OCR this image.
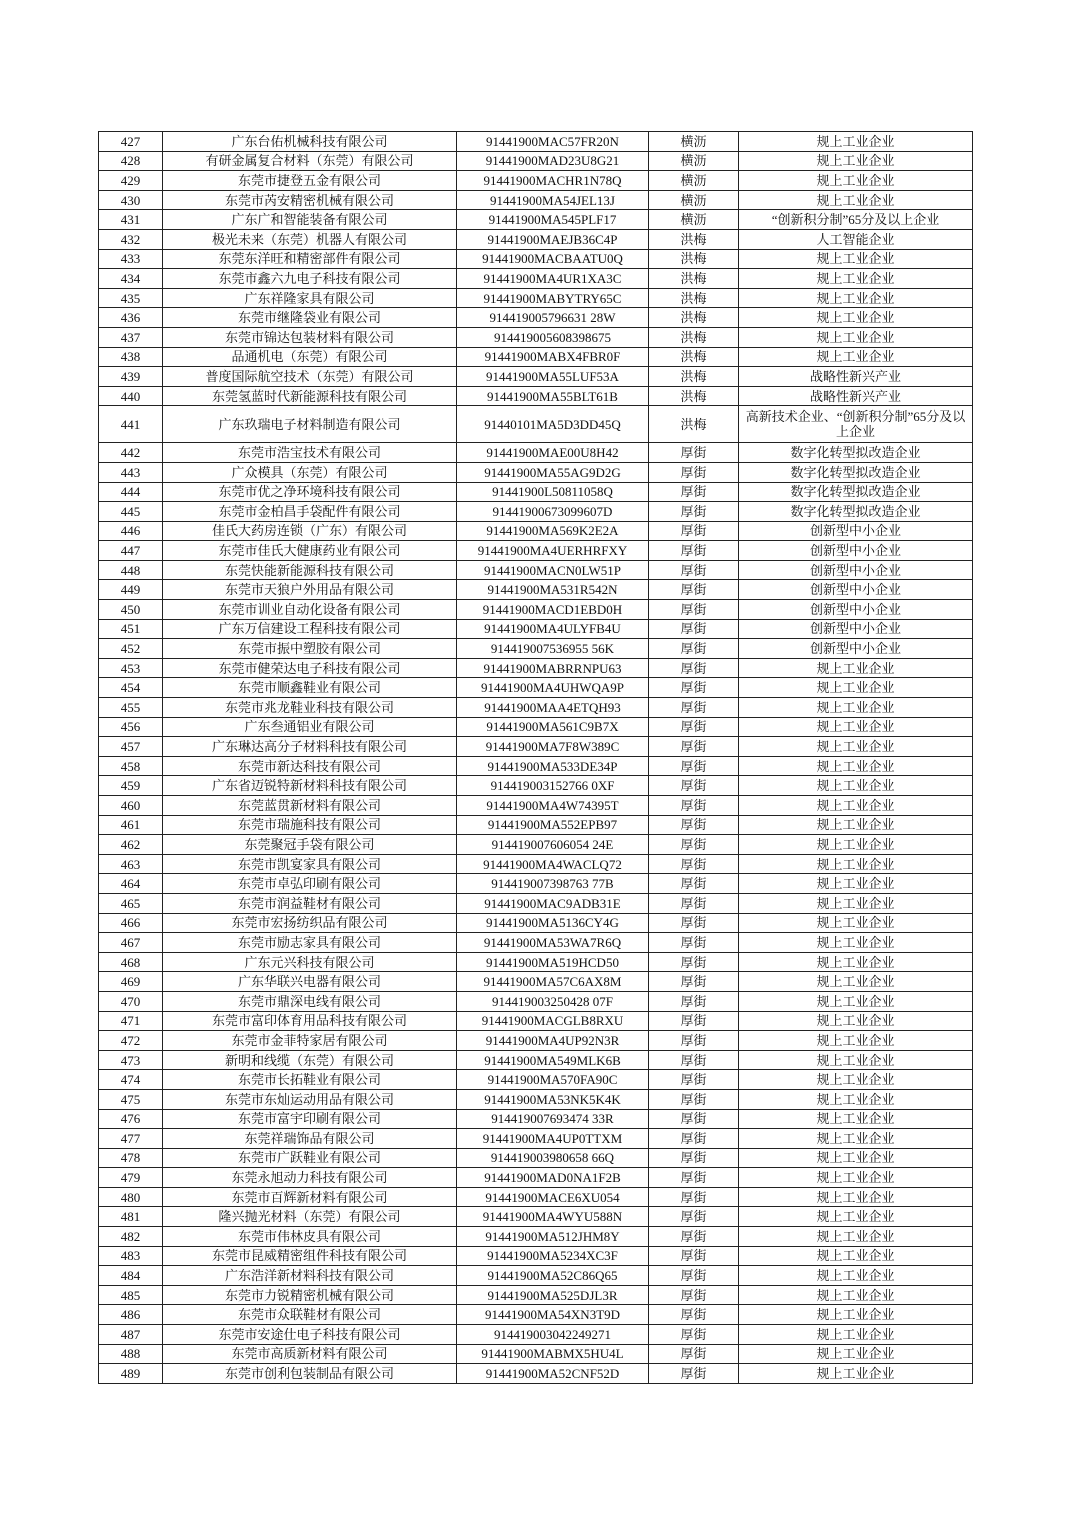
427	广东台佑机械科技有限公司	91441900MAC57FR20N	横沥	规上工业企业
428	有研金属复合材料（东莞）有限公司	91441900MAD23U8G21	横沥	规上工业企业
429	东莞市捷登五金有限公司	91441900MACHR1N78Q	横沥	规上工业企业
430	东莞市芮安精密机械有限公司	91441900MA54JEL13J	横沥	规上工业企业
431	广东广和智能装备有限公司	91441900MA545PLF17	横沥	“创新积分制”65分及以上企业
432	极光未来（东莞）机器人有限公司	91441900MAEJB36C4P	洪梅	人工智能企业
433	东莞东洋旺和精密部件有限公司	91441900MACBAATU0Q	洪梅	规上工业企业
434	东莞市鑫六九电子科技有限公司	91441900MA4UR1XA3C	洪梅	规上工业企业
435	广东祥隆家具有限公司	91441900MABYTRY65C	洪梅	规上工业企业
436	东莞市继隆袋业有限公司	914419005796631 28W	洪梅	规上工业企业
437	东莞市锦达包装材料有限公司	914419005608398675	洪梅	规上工业企业
438	品通机电（东莞）有限公司	91441900MABX4FBR0F	洪梅	规上工业企业
439	普度国际航空技术（东莞）有限公司	91441900MA55LUF53A	洪梅	战略性新兴产业
440	东莞氢蓝时代新能源科技有限公司	91441900MA55BLT61B	洪梅	战略性新兴产业
441	广东玖瑞电子材料制造有限公司	91440101MA5D3DD45Q	洪梅	高新技术企业、“创新积分制”65分及以上企业
442	东莞市浩宝技术有限公司	91441900MAE00U8H42	厚街	数字化转型拟改造企业
443	广众模具（东莞）有限公司	91441900MA55AG9D2G	厚街	数字化转型拟改造企业
444	东莞市优之净环境科技有限公司	91441900L50811058Q	厚街	数字化转型拟改造企业
445	东莞市金柏昌手袋配件有限公司	91441900673099607D	厚街	数字化转型拟改造企业
446	佳氏大药房连锁（广东）有限公司	91441900MA569K2E2A	厚街	创新型中小企业
447	东莞市佳氏大健康药业有限公司	91441900MA4UERHRFXY	厚街	创新型中小企业
448	东莞快能新能源科技有限公司	91441900MACN0LW51P	厚街	创新型中小企业
449	东莞市天狼户外用品有限公司	91441900MA531R542N	厚街	创新型中小企业
450	东莞市训业自动化设备有限公司	91441900MACD1EBD0H	厚街	创新型中小企业
451	广东万信建设工程科技有限公司	91441900MA4ULYFB4U	厚街	创新型中小企业
452	东莞市振中塑胶有限公司	914419007536955 56K	厚街	创新型中小企业
453	东莞市健荣达电子科技有限公司	91441900MABRRNPU63	厚街	规上工业企业
454	东莞市顺鑫鞋业有限公司	91441900MA4UHWQA9P	厚街	规上工业企业
455	东莞市兆龙鞋业科技有限公司	91441900MAA4ETQH93	厚街	规上工业企业
456	广东叁通铝业有限公司	91441900MA561C9B7X	厚街	规上工业企业
457	广东琳达高分子材料科技有限公司	91441900MA7F8W389C	厚街	规上工业企业
458	东莞市新达科技有限公司	91441900MA533DE34P	厚街	规上工业企业
459	广东省迈锐特新材料科技有限公司	914419003152766 0XF	厚街	规上工业企业
460	东莞蓝贯新材料有限公司	91441900MA4W74395T	厚街	规上工业企业
461	东莞市瑞施科技有限公司	91441900MA552EPB97	厚街	规上工业企业
462	东莞聚冠手袋有限公司	914419007606054 24E	厚街	规上工业企业
463	东莞市凯宴家具有限公司	91441900MA4WACLQ72	厚街	规上工业企业
464	东莞市卓弘印刷有限公司	914419007398763 77B	厚街	规上工业企业
465	东莞市润益鞋材有限公司	91441900MAC9ADB31E	厚街	规上工业企业
466	东莞市宏扬纺织品有限公司	91441900MA5136CY4G	厚街	规上工业企业
467	东莞市励志家具有限公司	91441900MA53WA7R6Q	厚街	规上工业企业
468	广东元兴科技有限公司	91441900MA519HCD50	厚街	规上工业企业
469	广东华联兴电器有限公司	91441900MA57C6AX8M	厚街	规上工业企业
470	东莞市鼎深电线有限公司	914419003250428 07F	厚街	规上工业企业
471	东莞市富印体育用品科技有限公司	91441900MACGLB8RXU	厚街	规上工业企业
472	东莞市金菲特家居有限公司	91441900MA4UP92N3R	厚街	规上工业企业
473	新明和线缆（东莞）有限公司	91441900MA549MLK6B	厚街	规上工业企业
474	东莞市长拓鞋业有限公司	91441900MA570FA90C	厚街	规上工业企业
475	东莞市东灿运动用品有限公司	91441900MA53NK5K4K	厚街	规上工业企业
476	东莞市富宇印刷有限公司	914419007693474 33R	厚街	规上工业企业
477	东莞祥瑞饰品有限公司	91441900MA4UP0TTXM	厚街	规上工业企业
478	东莞市广跃鞋业有限公司	914419003980658 66Q	厚街	规上工业企业
479	东莞永旭动力科技有限公司	91441900MAD0NA1F2B	厚街	规上工业企业
480	东莞市百辉新材料有限公司	91441900MACE6XU054	厚街	规上工业企业
481	隆兴抛光材料（东莞）有限公司	91441900MA4WYU588N	厚街	规上工业企业
482	东莞市伟林皮具有限公司	91441900MA512JHM8Y	厚街	规上工业企业
483	东莞市昆威精密组件科技有限公司	91441900MA5234XC3F	厚街	规上工业企业
484	广东浩洋新材料科技有限公司	91441900MA52C86Q65	厚街	规上工业企业
485	东莞市力锐精密机械有限公司	91441900MA525DJL3R	厚街	规上工业企业
486	东莞市众联鞋材有限公司	91441900MA54XN3T9D	厚街	规上工业企业
487	东莞市安途仕电子科技有限公司	914419003042249271	厚街	规上工业企业
488	东莞市高质新材料有限公司	91441900MABMX5HU4L	厚街	规上工业企业
489	东莞市创利包装制品有限公司	91441900MA52CNF52D	厚街	规上工业企业
